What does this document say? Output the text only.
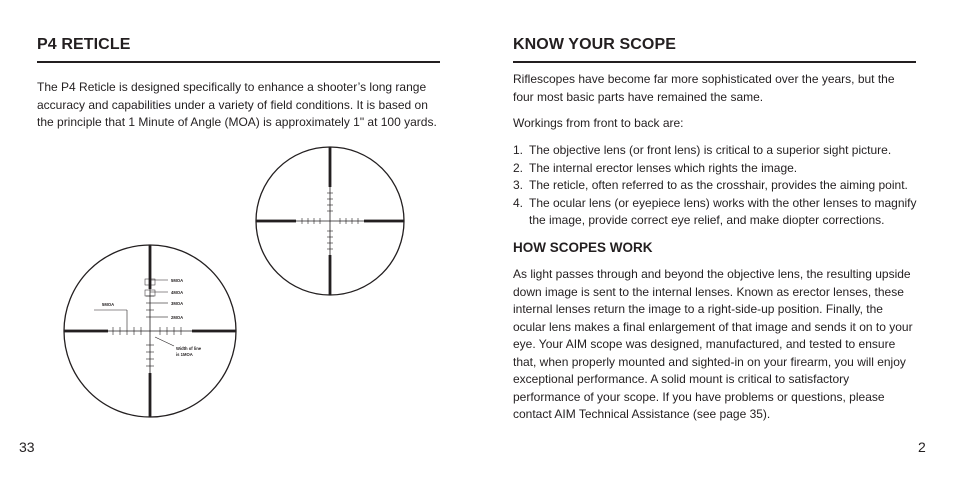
P4 RETICLE
The P4 Reticle is designed specifically to enhance a shooter’s long range accuracy and capabilities under a variety of field conditions. It is based on the principle that 1 Minute of Angle (MOA) is approximately 1" at 100 yards.
5MOA
4MOA
3MOA
2MOA
5MOA
Width of line
is 1MOA
33
KNOW YOUR SCOPE
Riflescopes have become far more sophisticated over the years, but the four most basic parts have remained the same.
Workings from front to back are:
1. The objective lens (or front lens) is critical to a superior sight picture.
2. The internal erector lenses which rights the image.
3. The reticle, often referred to as the crosshair, provides the aiming point.
4. The ocular lens (or eyepiece lens) works with the other lenses to magnify the image, provide correct eye relief, and make diopter corrections.
HOW SCOPES WORK
As light passes through and beyond the objective lens, the resulting upside down image is sent to the internal lenses. Known as erector lenses, these internal lenses return the image to a right-side-up position. Finally, the ocular lens makes a final enlargement of that image and sends it on to your eye. Your AIM scope was designed, manufactured, and tested to ensure that, when properly mounted and sighted-in on your firearm, you will enjoy exceptional performance. A solid mount is critical to satisfactory performance of your scope. If you have problems or questions, please contact AIM Technical Assistance (see page 35).
2
